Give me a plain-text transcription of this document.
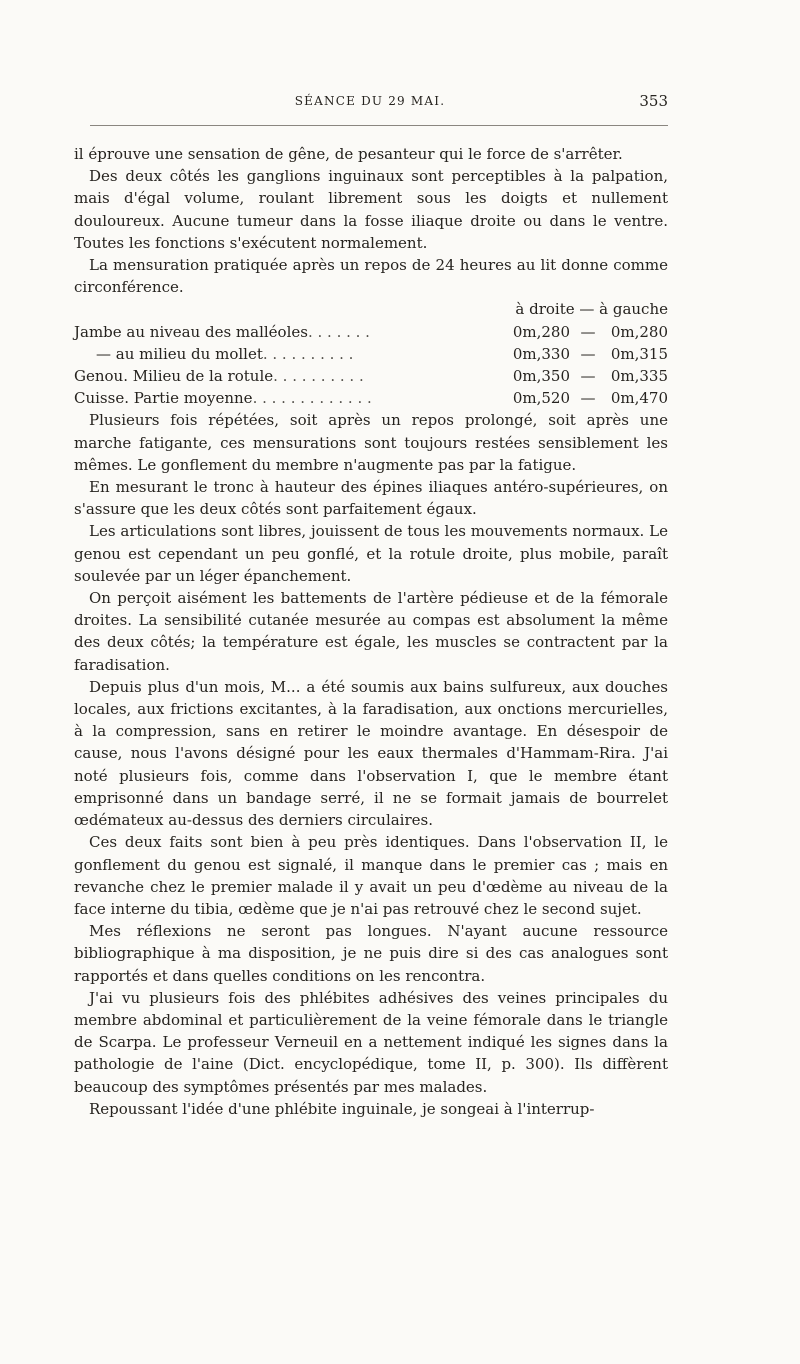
SÉANCE DU 29 MAI.	353

il éprouve une sensation de gêne, de pesanteur qui le force de s'arrêter.

Des deux côtés les ganglions inguinaux sont perceptibles à la palpation, mais d'égal volume, roulant librement sous les doigts et nullement douloureux. Aucune tumeur dans la fosse iliaque droite ou dans le ventre. Toutes les fonctions s'exécutent normalement.

La mensuration pratiquée après un repos de 24 heures au lit donne comme circonférence.

		à droite — à gauche		
Jambe au niveau des malléoles. . . . . . .		0m,280	—	0m,280
— au milieu du mollet. . . . . . . . . .		0m,330	—	0m,315
Genou. Milieu de la rotule. . . . . . . . . .		0m,350	—	0m,335
Cuisse. Partie moyenne. . . . . . . . . . . . .		0m,520	—	0m,470

Plusieurs fois répétées, soit après un repos prolongé, soit après une marche fatigante, ces mensurations sont toujours restées sensiblement les mêmes. Le gonflement du membre n'augmente pas par la fatigue.

En mesurant le tronc à hauteur des épines iliaques antéro-supérieures, on s'assure que les deux côtés sont parfaitement égaux.

Les articulations sont libres, jouissent de tous les mouvements normaux. Le genou est cependant un peu gonflé, et la rotule droite, plus mobile, paraît soulevée par un léger épanchement.

On perçoit aisément les battements de l'artère pédieuse et de la fémorale droites. La sensibilité cutanée mesurée au compas est absolument la même des deux côtés; la température est égale, les muscles se contractent par la faradisation.

Depuis plus d'un mois, M... a été soumis aux bains sulfureux, aux douches locales, aux frictions excitantes, à la faradisation, aux onctions mercurielles, à la compression, sans en retirer le moindre avantage. En désespoir de cause, nous l'avons désigné pour les eaux thermales d'Hammam-Rira. J'ai noté plusieurs fois, comme dans l'observation I, que le membre étant emprisonné dans un bandage serré, il ne se formait jamais de bourrelet œdémateux au-dessus des derniers circulaires.

Ces deux faits sont bien à peu près identiques. Dans l'observation II, le gonflement du genou est signalé, il manque dans le premier cas ; mais en revanche chez le premier malade il y avait un peu d'œdème au niveau de la face interne du tibia, œdème que je n'ai pas retrouvé chez le second sujet.

Mes réflexions ne seront pas longues. N'ayant aucune ressource bibliographique à ma disposition, je ne puis dire si des cas analogues sont rapportés et dans quelles conditions on les rencontra.

J'ai vu plusieurs fois des phlébites adhésives des veines principales du membre abdominal et particulièrement de la veine fémorale dans le triangle de Scarpa. Le professeur Verneuil en a nettement indiqué les signes dans la pathologie de l'aine (Dict. encyclopédique, tome II, p. 300). Ils diffèrent beaucoup des symptômes présentés par mes malades.

Repoussant l'idée d'une phlébite inguinale, je songeai à l'interrup-
